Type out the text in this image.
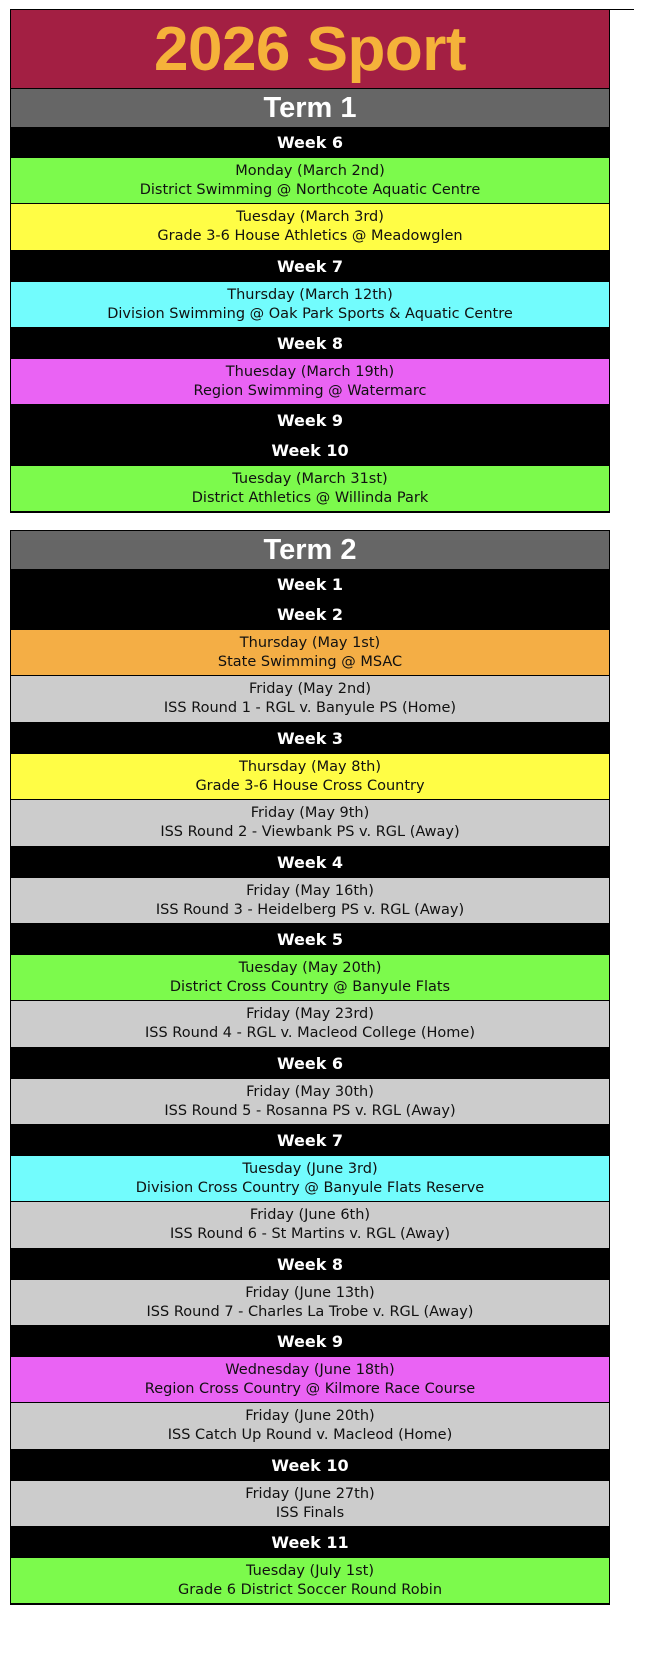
2026 Sport
Term 1
Week 6
Monday (March 2nd)
District Swimming @ Northcote Aquatic Centre
Tuesday (March 3rd)
Grade 3-6 House Athletics @ Meadowglen
Week 7
Thursday (March 12th)
Division Swimming @ Oak Park Sports & Aquatic Centre
Week 8
Thuesday (March 19th)
Region Swimming @ Watermarc
Week 9
Week 10
Tuesday (March 31st)
District Athletics @ Willinda Park
Term 2
Week 1
Week 2
Thursday (May 1st)
State Swimming @ MSAC
Friday (May 2nd)
ISS Round 1 - RGL v. Banyule PS (Home)
Week 3
Thursday (May 8th)
Grade 3-6 House Cross Country
Friday (May 9th)
ISS Round 2 - Viewbank PS v. RGL (Away)
Week 4
Friday (May 16th)
ISS Round 3 - Heidelberg PS v. RGL (Away)
Week 5
Tuesday (May 20th)
District Cross Country @ Banyule Flats
Friday (May 23rd)
ISS Round 4 - RGL v. Macleod College (Home)
Week 6
Friday (May 30th)
ISS Round 5 - Rosanna PS v. RGL (Away)
Week 7
Tuesday (June 3rd)
Division Cross Country @ Banyule Flats Reserve
Friday (June 6th)
ISS Round 6 - St Martins v. RGL (Away)
Week 8
Friday (June 13th)
ISS Round 7 - Charles La Trobe v. RGL (Away)
Week 9
Wednesday (June 18th)
Region Cross Country @ Kilmore Race Course
Friday (June 20th)
ISS Catch Up Round v. Macleod (Home)
Week 10
Friday (June 27th)
ISS Finals
Week 11
Tuesday (July 1st)
Grade 6 District Soccer Round Robin
